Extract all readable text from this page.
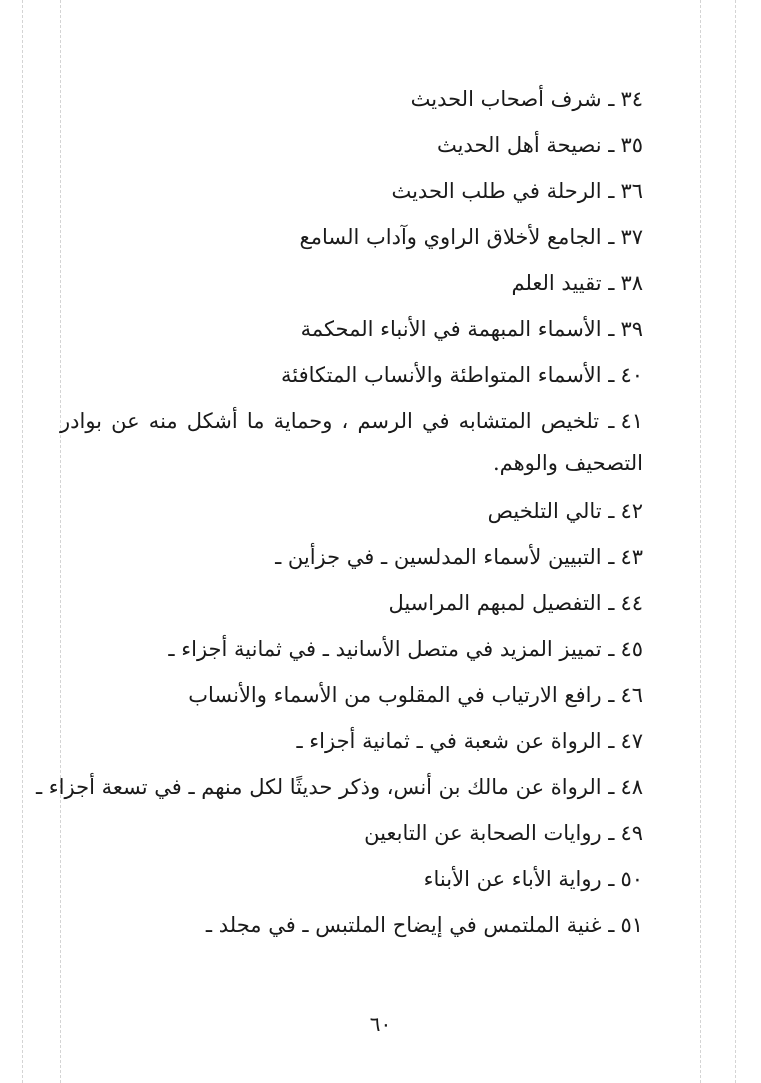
٣٤ـ شرف أصحاب الحديث
٣٥ـ نصيحة أهل الحديث
٣٦ـ الرحلة في طلب الحديث
٣٧ـ الجامع لأخلاق الراوي وآداب السامع
٣٨ـ تقييد العلم
٣٩ـ الأسماء المبهمة في الأنباء المحكمة
٤٠ـ الأسماء المتواطئة والأنساب المتكافئة
٤١ـ تلخيص المتشابه في الرسم ، وحماية ما أشكل منه عن بوادر التصحيف والوهم.
٤٢ـ تالي التلخيص
٤٣ـ التبيين لأسماء المدلسين ـ في جزأين ـ
٤٤ـ التفصيل لمبهم المراسيل
٤٥ـ تمييز المزيد في متصل الأسانيد ـ في ثمانية أجزاء ـ
٤٦ـ رافع الارتياب في المقلوب من الأسماء والأنساب
٤٧ـ الرواة عن شعبة في ـ ثمانية أجزاء ـ
٤٨ـ الرواة عن مالك بن أنس، وذكر حديثًا لكل منهم ـ في تسعة أجزاء ـ
٤٩ـ روايات الصحابة عن التابعين
٥٠ـ رواية الأباء عن الأبناء
٥١ـ غنية الملتمس في إيضاح الملتبس ـ في مجلد ـ
٦٠
